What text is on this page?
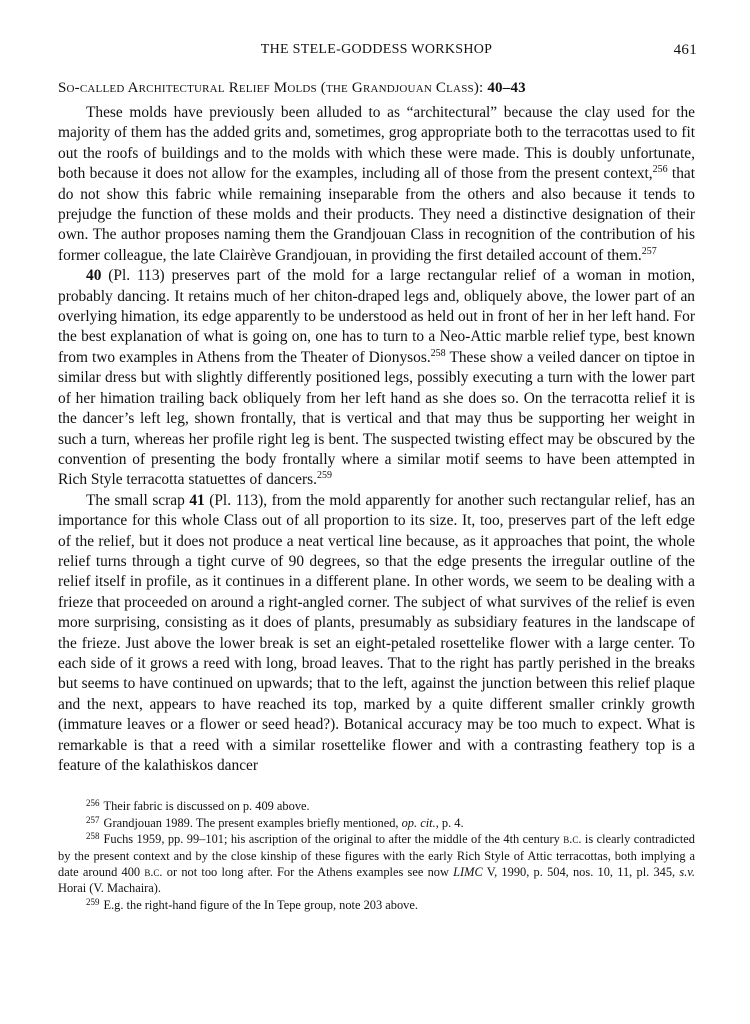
THE STELE-GODDESS WORKSHOP	461
So-called Architectural Relief Molds (the Grandjouan Class): 40–43

These molds have previously been alluded to as “architectural” because the clay used for the majority of them has the added grits and, sometimes, grog appropriate both to the terracottas used to fit out the roofs of buildings and to the molds with which these were made. This is doubly unfortunate, both because it does not allow for the examples, including all of those from the present context,$^{256}$ that do not show this fabric while remaining inseparable from the others and also because it tends to prejudge the function of these molds and their products. They need a distinctive designation of their own. The author proposes naming them the Grandjouan Class in recognition of the contribution of his former colleague, the late Clairève Grandjouan, in providing the first detailed account of them.$^{257}$

40 (Pl. 113) preserves part of the mold for a large rectangular relief of a woman in motion, probably dancing. It retains much of her chiton-draped legs and, obliquely above, the lower part of an overlying himation, its edge apparently to be understood as held out in front of her in her left hand. For the best explanation of what is going on, one has to turn to a Neo-Attic marble relief type, best known from two examples in Athens from the Theater of Dionysos.$^{258}$ These show a veiled dancer on tiptoe in similar dress but with slightly differently positioned legs, possibly executing a turn with the lower part of her himation trailing back obliquely from her left hand as she does so. On the terracotta relief it is the dancer’s left leg, shown frontally, that is vertical and that may thus be supporting her weight in such a turn, whereas her profile right leg is bent. The suspected twisting effect may be obscured by the convention of presenting the body frontally where a similar motif seems to have been attempted in Rich Style terracotta statuettes of dancers.$^{259}$

The small scrap 41 (Pl. 113), from the mold apparently for another such rectangular relief, has an importance for this whole Class out of all proportion to its size. It, too, preserves part of the left edge of the relief, but it does not produce a neat vertical line because, as it approaches that point, the whole relief turns through a tight curve of 90 degrees, so that the edge presents the irregular outline of the relief itself in profile, as it continues in a different plane. In other words, we seem to be dealing with a frieze that proceeded on around a right-angled corner. The subject of what survives of the relief is even more surprising, consisting as it does of plants, presumably as subsidiary features in the landscape of the frieze. Just above the lower break is set an eight-petaled rosettelike flower with a large center. To each side of it grows a reed with long, broad leaves. That to the right has partly perished in the breaks but seems to have continued on upwards; that to the left, against the junction between this relief plaque and the next, appears to have reached its top, marked by a quite different smaller crinkly growth (immature leaves or a flower or seed head?). Botanical accuracy may be too much to expect. What is remarkable is that a reed with a similar rosettelike flower and with a contrasting feathery top is a feature of the kalathiskos dancer

$^{256}$ Their fabric is discussed on p. 409 above.

$^{257}$ Grandjouan 1989. The present examples briefly mentioned, op. cit., p. 4.

$^{258}$ Fuchs 1959, pp. 99–101; his ascription of the original to after the middle of the 4th century b.c. is clearly contradicted by the present context and by the close kinship of these figures with the early Rich Style of Attic terracottas, both implying a date around 400 b.c. or not too long after. For the Athens examples see now LIMC V, 1990, p. 504, nos. 10, 11, pl. 345, s.v. Horai (V. Machaira).

$^{259}$ E.g. the right-hand figure of the In Tepe group, note 203 above.
